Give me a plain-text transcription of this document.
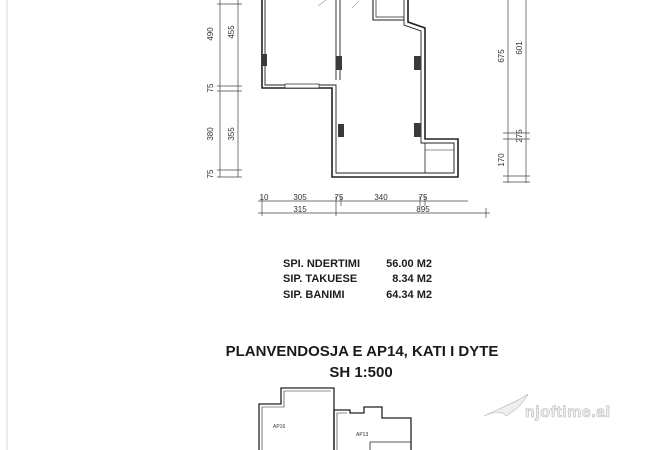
490
75
380
75
455
355
675
170
601
275
10	305	75	340	75
315	895
SPI. NDERTIMI 56.00 M2
SIP. TAKUESE	8.34 M2
SIP. BANIMI	64.34 M2
PLANVENDOSJA E AP14, KATI I DYTE
SH 1:500
AP16
AP13
njoftime.al
